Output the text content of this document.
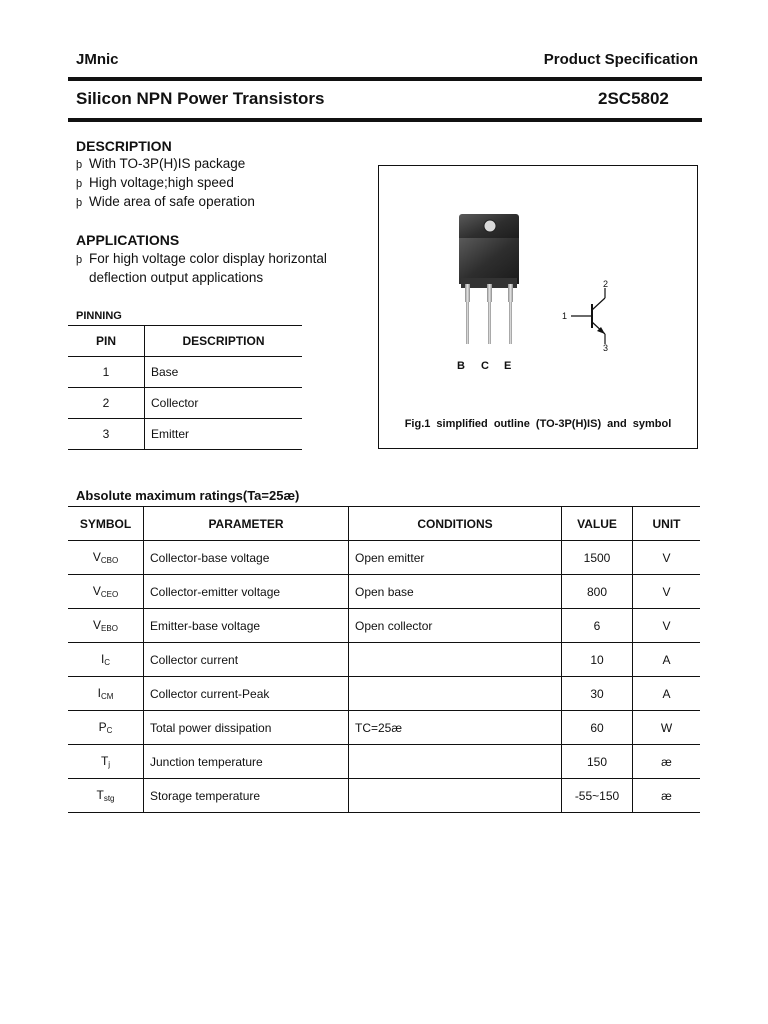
JMnic	Product Specification
Silicon NPN Power Transistors	2SC5802
DESCRIPTION
þ With TO-3P(H)IS package
þ High voltage;high speed
þ Wide area of safe operation
APPLICATIONS
þ For high voltage color display horizontal
deflection output applications
PINNING
PIN	DESCRIPTION
1	Base
2	Collector
3	Emitter
B C E
1
2
3
Fig.1 simplified outline (TO-3P(H)IS) and symbol
Absolute maximum ratings(Ta=25æ)
SYMBOL	PARAMETER	CONDITIONS	VALUE	UNIT
$V_{CBO}$	Collector-base voltage	Open emitter	1500	V
$V_{CEO}$	Collector-emitter voltage	Open base	800	V
$V_{EBO}$	Emitter-base voltage	Open collector	6	V
$I_C$	Collector current		10	A
$I_{CM}$	Collector current-Peak		30	A
$P_C$	Total power dissipation	TC=25æ	60	W
$T_j$	Junction temperature		150	æ
$T_{stg}$	Storage temperature		-55~150	æ
